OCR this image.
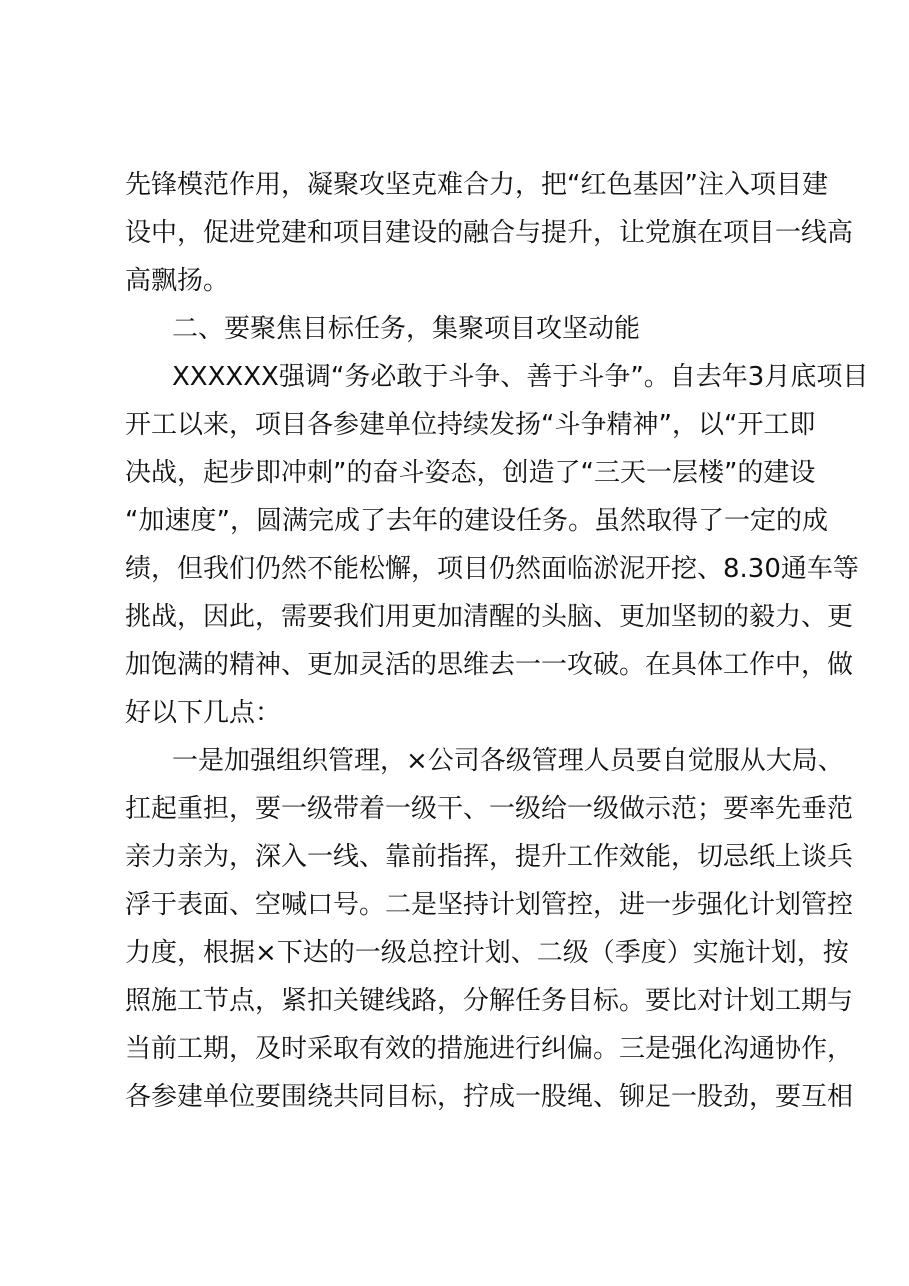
先锋模范作用，凝聚攻坚克难合力，把“红色基因”注入项目建

设中，促进党建和项目建设的融合与提升，让党旗在项目一线高

高飘扬。

二、要聚焦目标任务，集聚项目攻坚动能

XXXXXX强调“务必敢于斗争、善于斗争”。自去年3月底项目

开工以来，项目各参建单位持续发扬“斗争精神”，以“开工即

决战，起步即冲刺”的奋斗姿态，创造了“三天一层楼”的建设

“加速度”，圆满完成了去年的建设任务。虽然取得了一定的成

绩，但我们仍然不能松懈，项目仍然面临淤泥开挖、8.30通车等

挑战，因此，需要我们用更加清醒的头脑、更加坚韧的毅力、更

加饱满的精神、更加灵活的思维去一一攻破。在具体工作中，做

好以下几点：

一是加强组织管理，×公司各级管理人员要自觉服从大局、

扛起重担，要一级带着一级干、一级给一级做示范；要率先垂范

亲力亲为，深入一线、靠前指挥，提升工作效能，切忌纸上谈兵

浮于表面、空喊口号。二是坚持计划管控，进一步强化计划管控

力度，根据×下达的一级总控计划、二级（季度）实施计划，按

照施工节点，紧扣关键线路，分解任务目标。要比对计划工期与

当前工期，及时采取有效的措施进行纠偏。三是强化沟通协作，

各参建单位要围绕共同目标，拧成一股绳、铆足一股劲，要互相
